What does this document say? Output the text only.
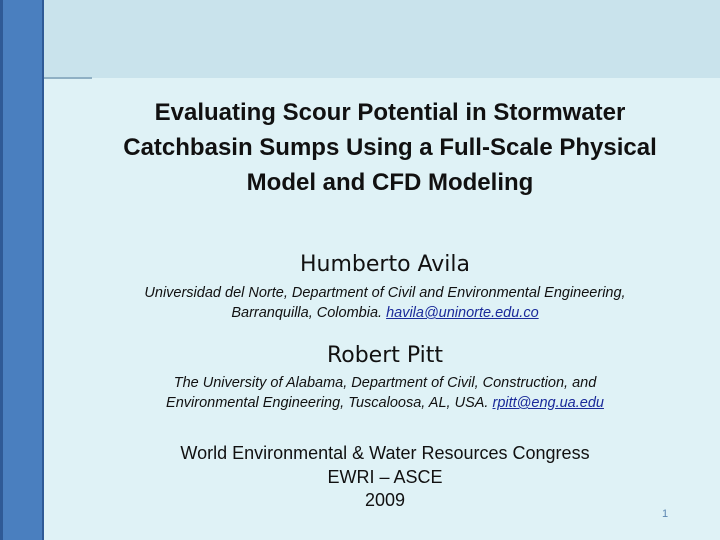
Evaluating Scour Potential in Stormwater
Catchbasin Sumps Using a Full-Scale Physical
Model and CFD Modeling
Humberto Avila
Universidad del Norte, Department of Civil and Environmental Engineering,
Barranquilla, Colombia. havila@uninorte.edu.co
Robert Pitt
The University of Alabama, Department of Civil, Construction, and
Environmental Engineering, Tuscaloosa, AL, USA. rpitt@eng.ua.edu
World Environmental & Water Resources Congress
EWRI – ASCE
2009
1
